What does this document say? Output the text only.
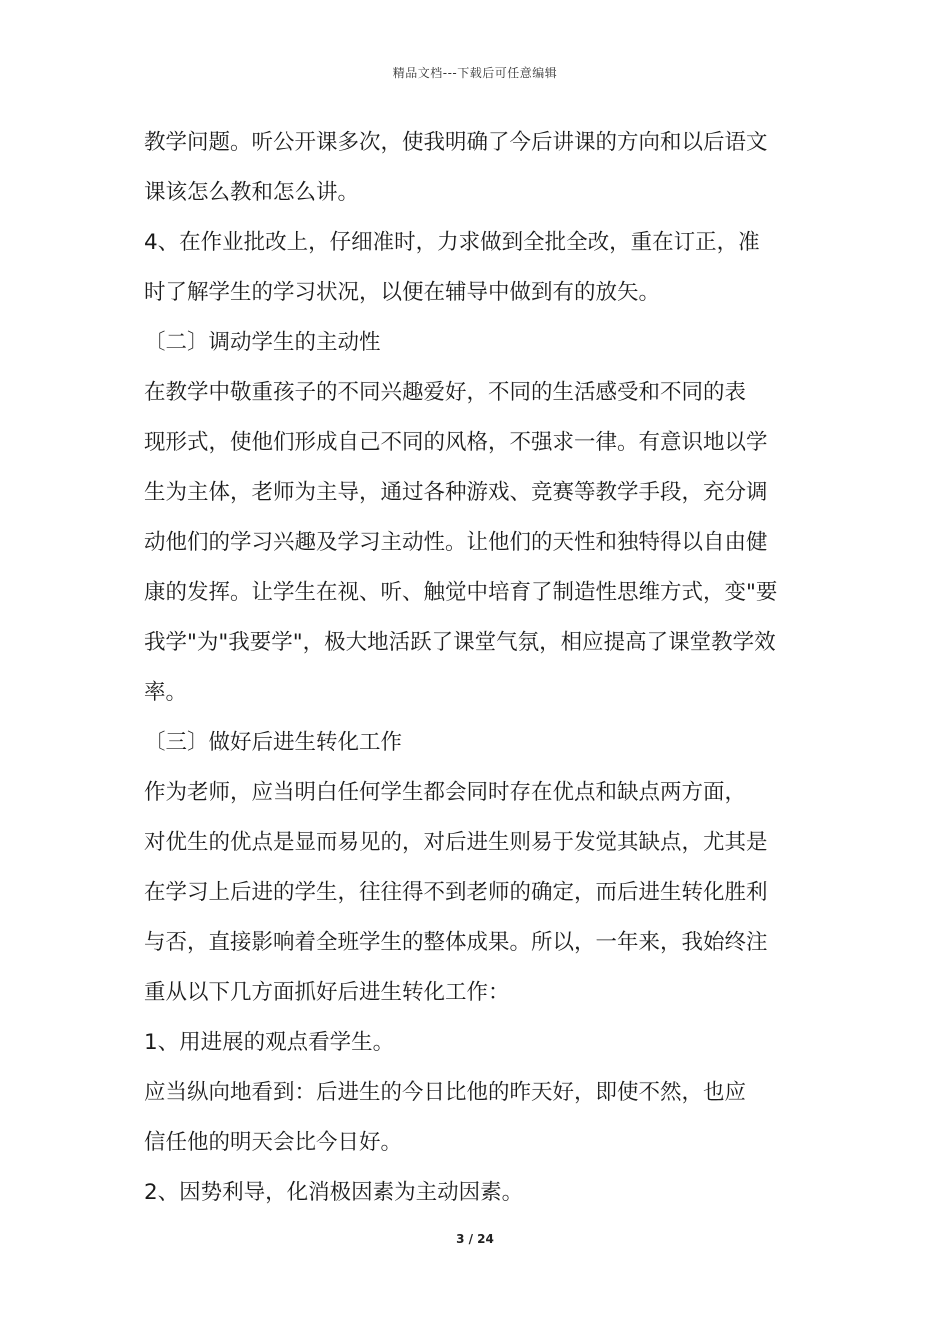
精品文档---下载后可任意编辑
教学问题。听公开课多次，使我明确了今后讲课的方向和以后语文
课该怎么教和怎么讲。
4、在作业批改上，仔细准时，力求做到全批全改，重在订正，准
时了解学生的学习状况，以便在辅导中做到有的放矢。
〔二〕调动学生的主动性
在教学中敬重孩子的不同兴趣爱好，不同的生活感受和不同的表
现形式，使他们形成自己不同的风格，不强求一律。有意识地以学
生为主体，老师为主导，通过各种游戏、竞赛等教学手段，充分调
动他们的学习兴趣及学习主动性。让他们的天性和独特得以自由健
康的发挥。让学生在视、听、触觉中培育了制造性思维方式，变"要
我学"为"我要学"，极大地活跃了课堂气氛，相应提高了课堂教学效
率。
〔三〕做好后进生转化工作
作为老师，应当明白任何学生都会同时存在优点和缺点两方面，
对优生的优点是显而易见的，对后进生则易于发觉其缺点，尤其是
在学习上后进的学生，往往得不到老师的确定，而后进生转化胜利
与否，直接影响着全班学生的整体成果。所以，一年来，我始终注
重从以下几方面抓好后进生转化工作：
1、用进展的观点看学生。
应当纵向地看到：后进生的今日比他的昨天好，即使不然，也应
信任他的明天会比今日好。
2、因势利导，化消极因素为主动因素。
3 / 24
